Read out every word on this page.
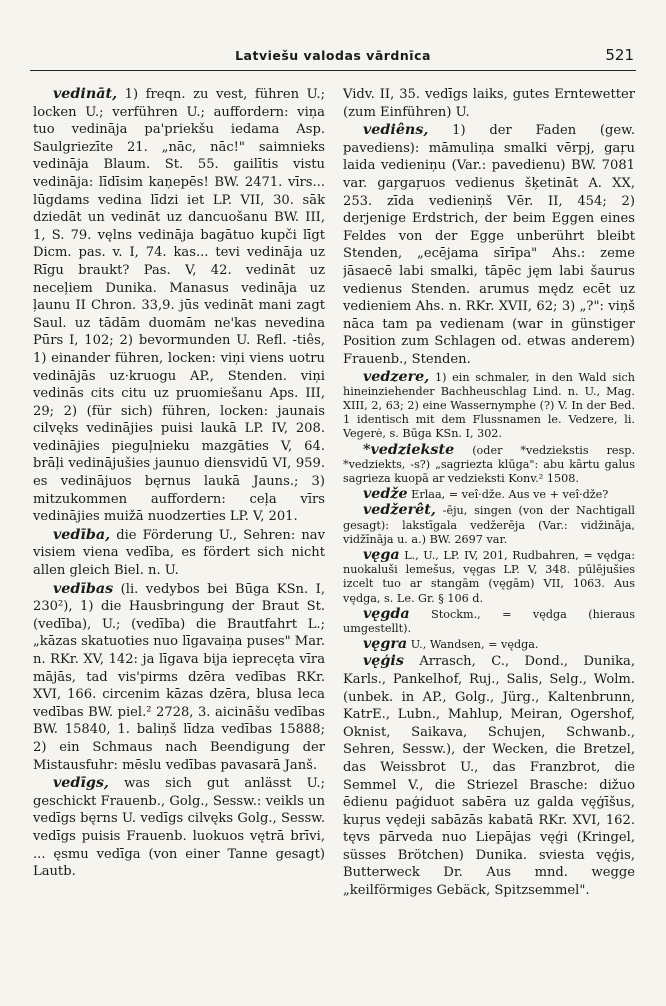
Latviešu valodas vārdnīca	521

vedināt, 1) freqn. zu vest, führen U.; locken U.; verführen U.; auffordern: viņa tuo vedināja pa'priekšu iedama Asp. Saulgriezīte 21. „nāc, nāc!" saimnieks vedināja Blaum. St. 55. gailītis vistu vedināja: līdīsim kaņepēs! BW. 2471. vīrs... lūgdams vedina līdzi iet LP. VII, 30. sāk dziedāt un vedināt uz dancuošanu BW. III, 1, S. 79. vęlns vedināja bagātuo kupči līgt Dicm. pas. v. I, 74. kas... tevi vedināja uz Rīgu braukt? Pas. V, 42. vedināt uz neceļiem Dunika. Manasus vedināja uz ļaunu II Chron. 33,9. jūs vedināt mani zagt Saul. uz tādām duomām ne'kas nevedina Pūrs I, 102; 2) bevormunden U. Refl. -tiês, 1) einander führen, locken: viņi viens uotru vedinājās uz·kruogu AP., Stenden. viņi vedinās cits citu uz pruomiešanu Aps. III, 29; 2) (für sich) führen, locken: jaunais cilvęks vedinājies puisi laukā LP. IV, 208. vedinājies pieguļnieku mazgāties V, 64. brāļi vedinājušies jaunuo diensvidū VI, 959. es vedinājuos bęrnus laukā Jauns.; 3) mitzukommen auffordern: ceļa vīrs vedinājies muižā nuodzerties LP. V, 201.

vedība, die Förderung U., Sehren: nav visiem viena vedība, es fördert sich nicht allen gleich Biel. n. U.

vedības (li. vedybos bei Būga KSn. I, 230²), 1) die Hausbringung der Braut St. (vedība), U.; (vedība) die Brautfahrt L.; „kāzas skatuoties nuo līgavaiņa puses" Mar. n. RKr. XV, 142: ja līgava bija ieprecęta vīra mājās, tad vis'pirms dzēra vedības RKr. XVI, 166. circenim kāzas dzēra, blusa leca vedības BW. piel.² 2728, 3. aicināšu vedības BW. 15840, 1. baliņš līdza vedības 15888; 2) ein Schmaus nach Beendigung der Mistausfuhr: mēslu vedības pavasarā Janš.

vedīgs, was sich gut anlässt U.; geschickt Frauenb., Golg., Sessw.: veikls un vedīgs bęrns U. vedīgs cilvęks Golg., Sessw. vedīgs puisis Frauenb. luokuos vętrā brīvi, ... ęsmu vedīga (von einer Tanne gesagt) Lautb.

Vidv. II, 35. vedīgs laiks, gutes Erntewetter (zum Einführen) U.

vediêns, 1) der Faden (gew. pavediens): māmuliņa smalki vērpj, gaŗu laida vedieniņu (Var.: pavedienu) BW. 7081 var. gaŗgaŗuos vedienus šķetināt A. XX, 253. zīda vedieniņš Vēr. II, 454; 2) derjenige Erdstrich, der beim Eggen eines Feldes von der Egge unberührt bleibt Stenden, „ecējama sīrīpa" Ahs.: zeme jāsaecē labi smalki, tāpēc jęm labi šaurus vedienus Stenden. arumus mędz ecēt uz vedieniem Ahs. n. RKr. XVII, 62; 3) „?": viņš nāca tam pa vedienam (war in günstiger Position zum Schlagen od. etwas anderem) Frauenb., Stenden.

vedzere, 1) ein schmaler, in den Wald sich hineinziehender Bachheuschlag Lind. n. U., Mag. XIII, 2, 63; 2) eine Wassernymphe (?) V. In der Bed. 1 identisch mit dem Flussnamen le. Vedzere, li. Vegerė, s. Būga KSn. I, 302.

*vedziekste (oder *vedziekstis resp. *vedziekts, -s?) „sagriezta klūga": abu kārtu galus sagrieza kuopā ar vedzieksti Konv.² 1508.

vedže Erlaa, = veî·dže. Aus ve + veî·dže?

vedžerêt, -ēju, singen (von der Nachtigall gesagt): lakstīgala vedžerēja (Var.: vidžināja, vidžīnāja u. a.) BW. 2697 var.

vęga L., U., LP. IV, 201, Rudbahren, = vędga: nuokaluši lemešus, vęgas LP. V, 348. pūlējušies izcelt tuo ar stangām (vęgām) VII, 1063. Aus vędga, s. Le. Gr. § 106 d.

vęgda Stockm., = vędga (hieraus umgestellt).

vęgra U., Wandsen, = vędga.

vęģis Arrasch, C., Dond., Dunika, Karls., Pankelhof, Ruj., Salis, Selg., Wolm. (unbek. in AP., Golg., Jürg., Kaltenbrunn, KatrE., Lubn., Mahlup, Meiran, Ogershof, Oknist, Saikava, Schujen, Schwanb., Sehren, Sessw.), der Wecken, die Bretzel, das Weissbrot U., das Franzbrot, die Semmel V., die Striezel Brasche: dižuo ēdienu paģiduot sabēra uz galda vęģīšus, kuŗus vędeji sabāzās kabatā RKr. XVI, 162. tęvs pārveda nuo Liepājas vęģi (Kringel, süsses Brötchen) Dunika. sviesta vęģis, Butterweck Dr. Aus mnd. wegge „keilförmiges Gebäck, Spitzsemmel".
